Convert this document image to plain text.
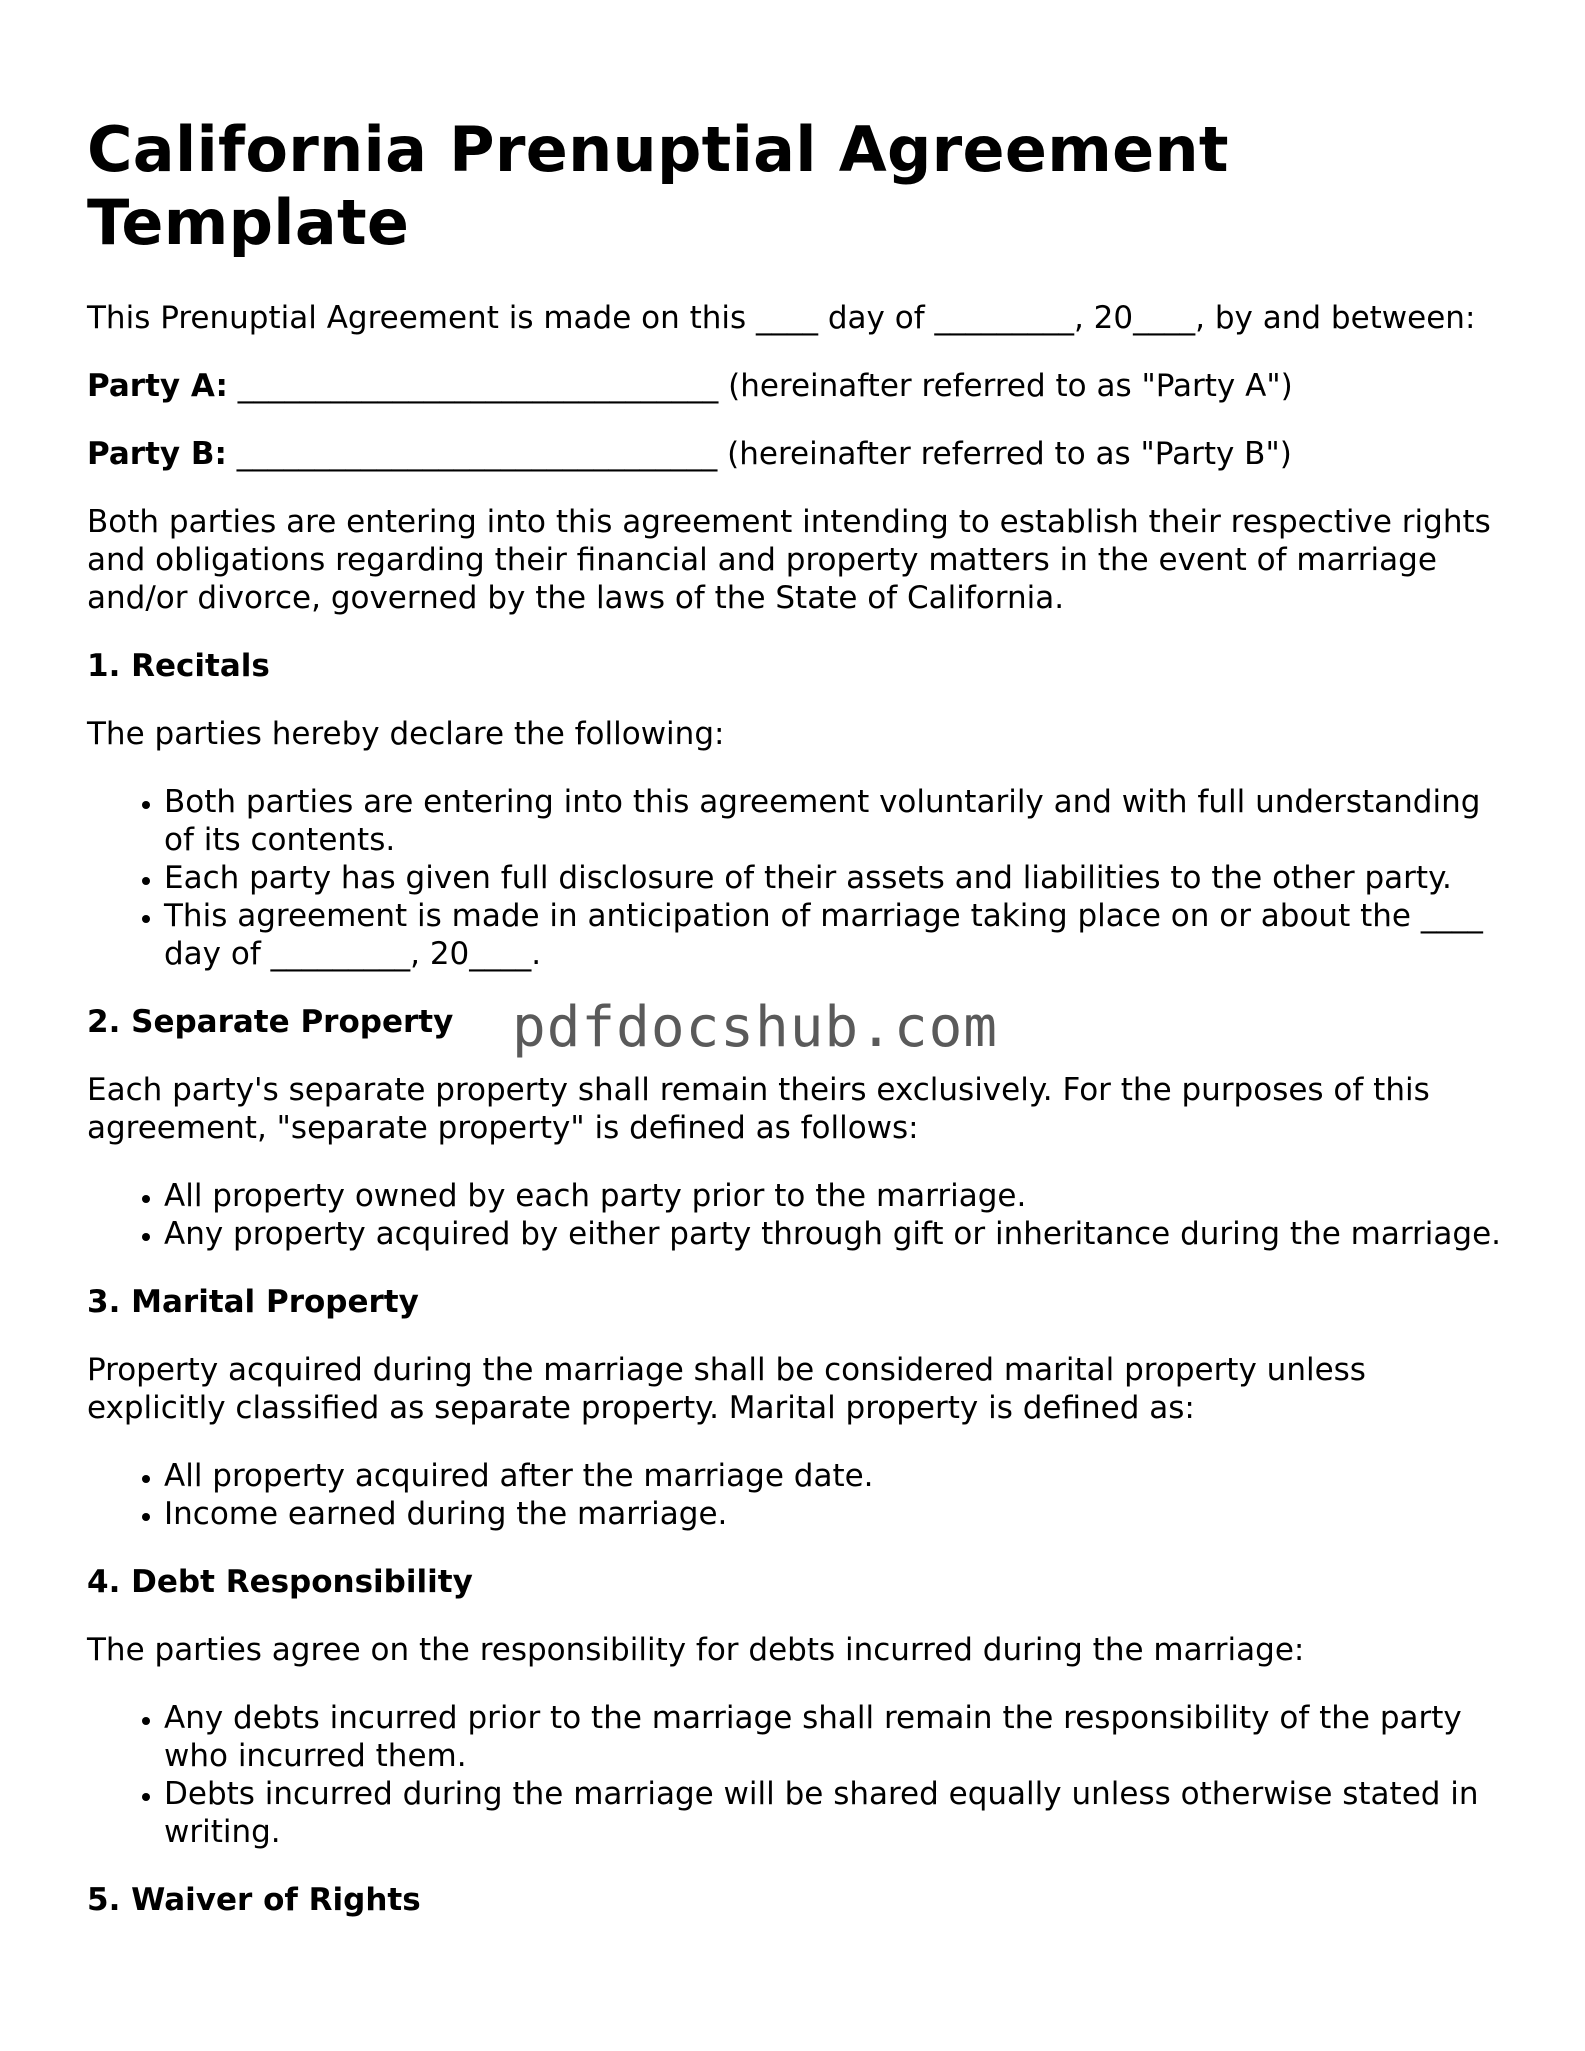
California Prenuptial Agreement Template

This Prenuptial Agreement is made on this ____ day of _________, 20____, by and between:

Party A: _______________________________ (hereinafter referred to as "Party A")

Party B: _______________________________ (hereinafter referred to as "Party B")

Both parties are entering into this agreement intending to establish their respective rights and obligations regarding their financial and property matters in the event of marriage and/or divorce, governed by the laws of the State of California.

1. Recitals

The parties hereby declare the following:

• Both parties are entering into this agreement voluntarily and with full understanding of its contents.
• Each party has given full disclosure of their assets and liabilities to the other party.
• This agreement is made in anticipation of marriage taking place on or about the ____ day of _________, 20____.
2. Separate Property

Each party's separate property shall remain theirs exclusively. For the purposes of this agreement, "separate property" is defined as follows:

• All property owned by each party prior to the marriage.
• Any property acquired by either party through gift or inheritance during the marriage.
3. Marital Property

Property acquired during the marriage shall be considered marital property unless explicitly classified as separate property. Marital property is defined as:

• All property acquired after the marriage date.
• Income earned during the marriage.
4. Debt Responsibility

The parties agree on the responsibility for debts incurred during the marriage:

• Any debts incurred prior to the marriage shall remain the responsibility of the party who incurred them.
• Debts incurred during the marriage will be shared equally unless otherwise stated in writing.
5. Waiver of Rights
pdfdocshub.com
